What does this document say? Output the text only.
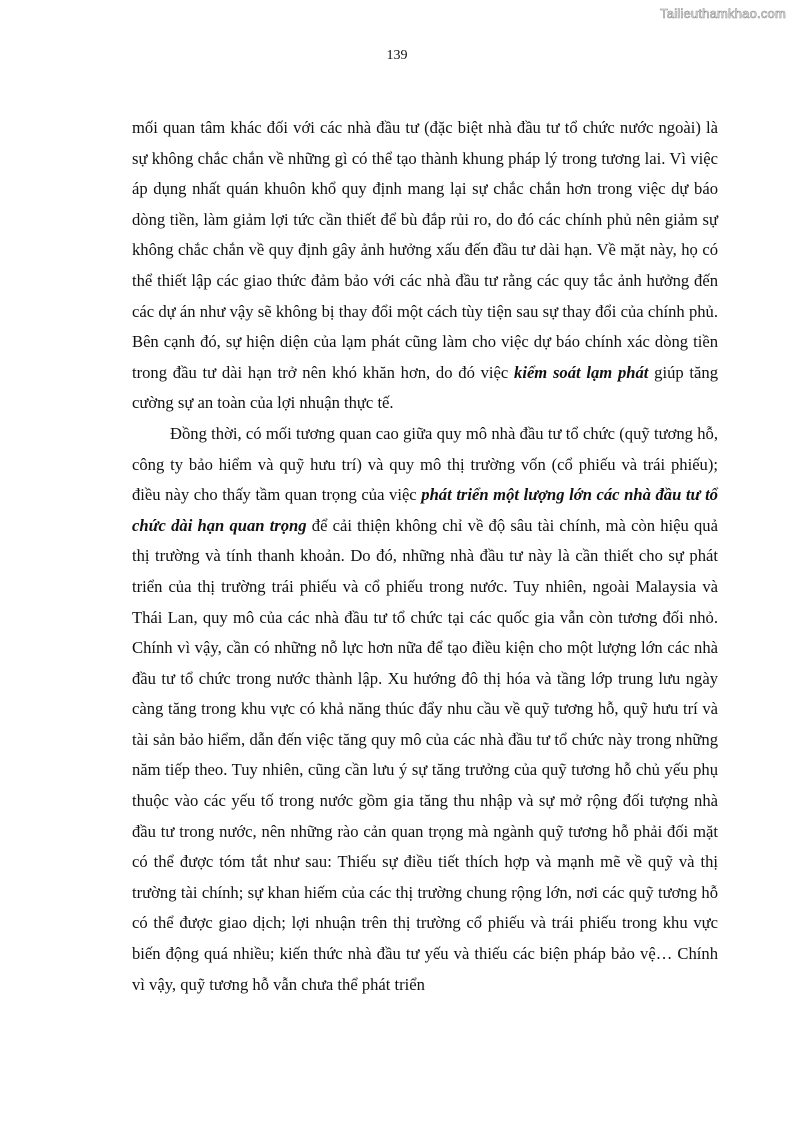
Tailieuthamkhao.com
139

mối quan tâm khác đối với các nhà đầu tư (đặc biệt nhà đầu tư tổ chức nước ngoài) là sự không chắc chắn về những gì có thể tạo thành khung pháp lý trong tương lai. Vì việc áp dụng nhất quán khuôn khổ quy định mang lại sự chắc chắn hơn trong việc dự báo dòng tiền, làm giảm lợi tức cần thiết để bù đắp rủi ro, do đó các chính phủ nên giảm sự không chắc chắn về quy định gây ảnh hưởng xấu đến đầu tư dài hạn. Về mặt này, họ có thể thiết lập các giao thức đảm bảo với các nhà đầu tư rằng các quy tắc ảnh hưởng đến các dự án như vậy sẽ không bị thay đổi một cách tùy tiện sau sự thay đổi của chính phủ. Bên cạnh đó, sự hiện diện của lạm phát cũng làm cho việc dự báo chính xác dòng tiền trong đầu tư dài hạn trở nên khó khăn hơn, do đó việc kiểm soát lạm phát giúp tăng cường sự an toàn của lợi nhuận thực tế.

Đồng thời, có mối tương quan cao giữa quy mô nhà đầu tư tổ chức (quỹ tương hỗ, công ty bảo hiểm và quỹ hưu trí) và quy mô thị trường vốn (cổ phiếu và trái phiếu); điều này cho thấy tầm quan trọng của việc phát triển một lượng lớn các nhà đầu tư tổ chức dài hạn quan trọng để cải thiện không chỉ về độ sâu tài chính, mà còn hiệu quả thị trường và tính thanh khoản. Do đó, những nhà đầu tư này là cần thiết cho sự phát triển của thị trường trái phiếu và cổ phiếu trong nước. Tuy nhiên, ngoài Malaysia và Thái Lan, quy mô của các nhà đầu tư tổ chức tại các quốc gia vẫn còn tương đối nhỏ. Chính vì vậy, cần có những nỗ lực hơn nữa để tạo điều kiện cho một lượng lớn các nhà đầu tư tổ chức trong nước thành lập. Xu hướng đô thị hóa và tầng lớp trung lưu ngày càng tăng trong khu vực có khả năng thúc đẩy nhu cầu về quỹ tương hỗ, quỹ hưu trí và tài sản bảo hiểm, dẫn đến việc tăng quy mô của các nhà đầu tư tổ chức này trong những năm tiếp theo. Tuy nhiên, cũng cần lưu ý sự tăng trưởng của quỹ tương hỗ chủ yếu phụ thuộc vào các yếu tố trong nước gồm gia tăng thu nhập và sự mở rộng đối tượng nhà đầu tư trong nước, nên những rào cản quan trọng mà ngành quỹ tương hỗ phải đối mặt có thể được tóm tắt như sau: Thiếu sự điều tiết thích hợp và mạnh mẽ về quỹ và thị trường tài chính; sự khan hiếm của các thị trường chung rộng lớn, nơi các quỹ tương hỗ có thể được giao dịch; lợi nhuận trên thị trường cổ phiếu và trái phiếu trong khu vực biến động quá nhiều; kiến thức nhà đầu tư yếu và thiếu các biện pháp bảo vệ… Chính vì vậy, quỹ tương hỗ vẫn chưa thể phát triển
